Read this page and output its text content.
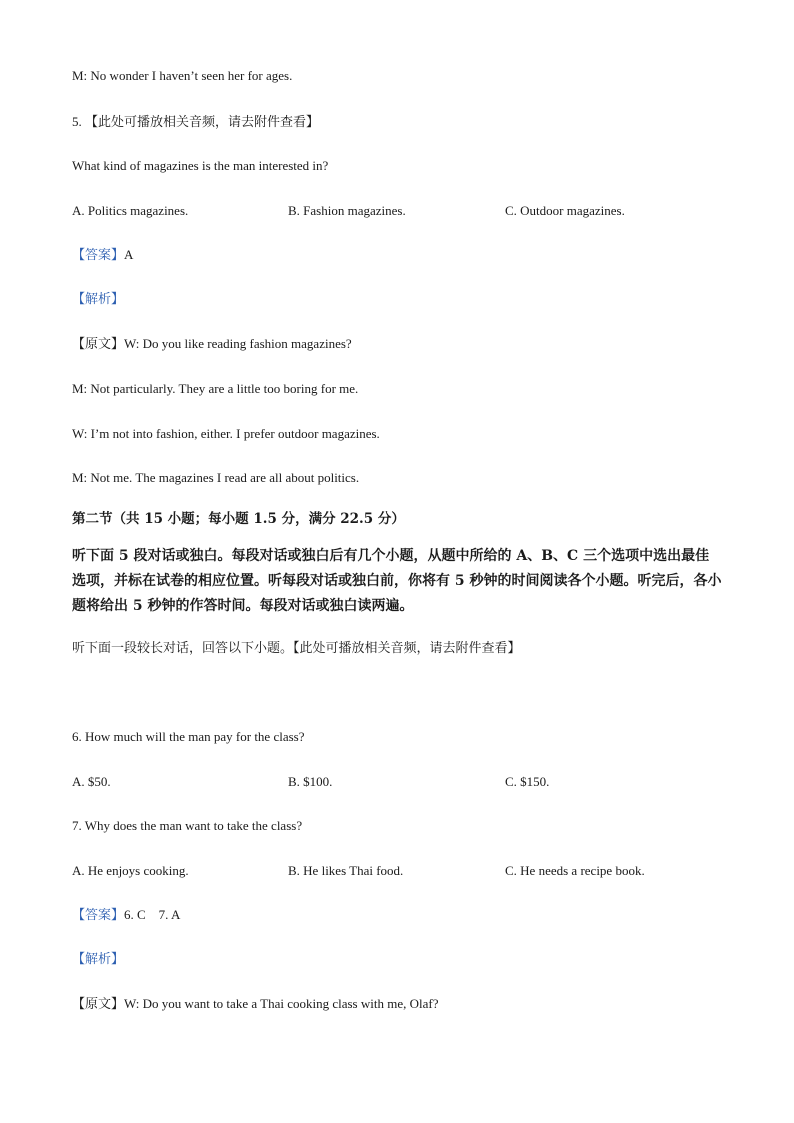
M: No wonder I haven’t seen her for ages.
5. 【此处可播放相关音频，请去附件查看】
What kind of magazines is the man interested in?
A. Politics magazines.	B. Fashion magazines.	C. Outdoor magazines.
【答案】A
【解析】
【原文】W: Do you like reading fashion magazines?
M: Not particularly. They are a little too boring for me.
W: I’m not into fashion, either. I prefer outdoor magazines.
M: Not me. The magazines I read are all about politics.
第二节（共 15 小题；每小题 1.5 分，满分 22.5 分）
听下面 5 段对话或独白。每段对话或独白后有几个小题，从题中所给的 A、B、C 三个选项中选出最佳选项，并标在试卷的相应位置。听每段对话或独白前，你将有 5 秒钟的时间阅读各个小题。听完后，各小题将给出 5 秒钟的作答时间。每段对话或独白读两遍。
听下面一段较长对话，回答以下小题。【此处可播放相关音频，请去附件查看】
6. How much will the man pay for the class?
A. $50.	B. $100.	C. $150.
7. Why does the man want to take the class?
A. He enjoys cooking.	B. He likes Thai food.	C. He needs a recipe book.
【答案】6. C    7. A
【解析】
【原文】W: Do you want to take a Thai cooking class with me, Olaf?
